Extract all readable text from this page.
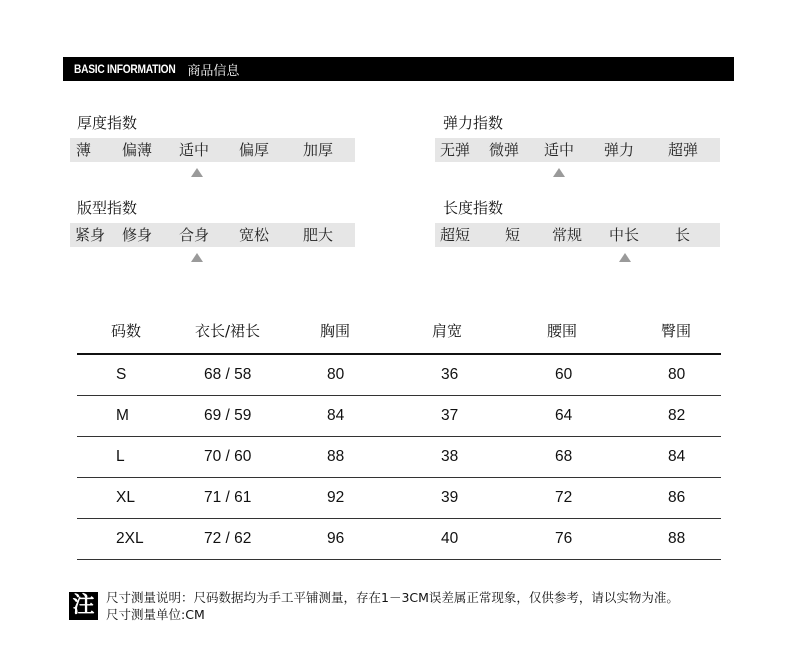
BASIC INFORMATION 商品信息
厚度指数
薄 偏薄 适中 偏厚 加厚
弹力指数
无弹 微弹 适中 弹力 超弹
版型指数
紧身 修身 合身 宽松 肥大
长度指数
超短 短 常规 中长 长
码数	衣长/裙长	胸围	肩宽	腰围	臀围
S	68 / 58	80	36	60	80
M	69 / 59	84	37	64	82
L	70 / 60	88	38	68	84
XL	71 / 61	92	39	72	86
2XL	72 / 62	96	40	76	88
注 尺寸测量说明：尺码数据均为手工平铺测量，存在1－3CM误差属正常现象，仅供参考，请以实物为准。
尺寸测量单位:CM
